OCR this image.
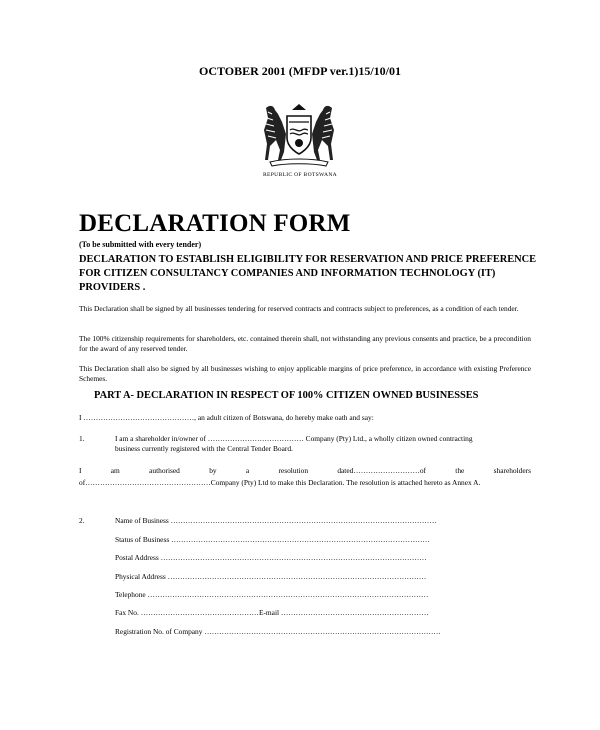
OCTOBER 2001 (MFDP ver.1)15/10/01
REPUBLIC OF BOTSWANA
DECLARATION FORM
(To be submitted with every tender)
DECLARATION TO ESTABLISH ELIGIBILITY FOR RESERVATION AND PRICE PREFERENCE FOR CITIZEN CONSULTANCY COMPANIES AND INFORMATION TECHNOLOGY (IT) PROVIDERS .
This Declaration shall be signed by all businesses tendering for reserved contracts and contracts subject to preferences, as a condition of each tender.
The 100% citizenship requirements for shareholders, etc. contained therein shall, not withstanding any previous consents and practice, be a precondition for the award of any reserved tender.
This Declaration shall also be signed by all businesses wishing to enjoy applicable margins of price preference, in accordance with existing Preference Schemes.
PART A- DECLARATION IN RESPECT OF 100% CITIZEN OWNED BUSINESSES
I ………………………………………, an adult citizen of Botswana, do hereby make oath and say:
1.	I am a shareholder in/owner of ………………………………… Company (Pty) Ltd., a wholly citizen owned contracting
business currently registered with the Central Tender Board.
I	am	authorised	by	a	resolution	dated………………………of	the	shareholders
of……………………………………………Company (Pty) Ltd to make this Declaration. The resolution is attached hereto as Annex A.
2.	Name of Business ………………………………………………………………………………………………
Status of Business ……………………………………………………………………………………………
Postal Address ………………………………………………………………………………………………
Physical Address ……………………………………………………………………………………………
Telephone ……………………………………………………………………………………………………
Fax No. …………………………………………E-mail ……………………………………………………
Registration No. of Company ……………………………………………………………………………………
